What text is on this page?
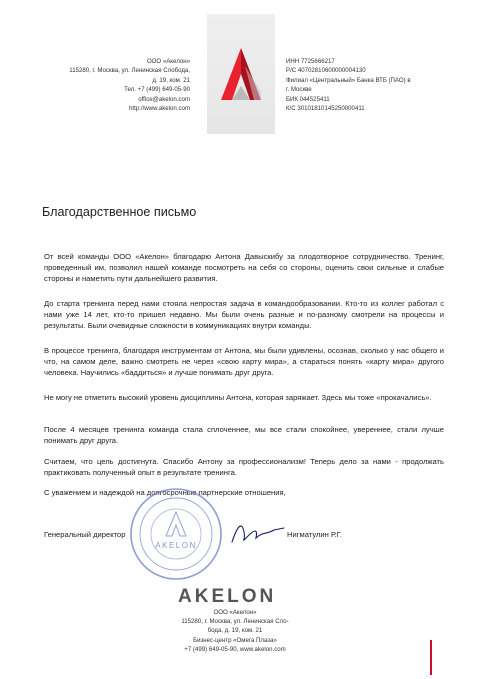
ООО «Акелон»
115280, г. Москва, ул. Ленинская Слобода,
д. 19, ком. 21
Тел. +7 (499) 649-05-90
office@akelon.com
http://www.akelon.com
ИНН 7725666217
Р/С 40702810600000004130
Филиал «Центральный» Банка ВТБ (ПАО) в
г. Москве
БИК 044525411
К/С 30101810145250000411
Благодарственное письмо

От всей команды ООО «Акелон» благодарю Антона Давыскибу за плодотворное сотрудничество. Тренинг, проведенный им, позволил нашей команде посмотреть на себя со стороны, оценить свои сильные и слабые стороны и наметить пути дальнейшего развития.

До старта тренинга перед нами стояла непростая задача в командообразовании. Кто-то из коллег работал с нами уже 14 лет, кто-то пришел недавно. Мы были очень разные и по-разному смотрели на процессы и результаты. Были очевидные сложности в коммуникациях внутри команды.

В процессе тренинга, благодаря инструментам от Антона, мы были удивлены, осознав, сколько у нас общего и что, на самом деле, важно смотреть не через «свою карту мира», а стараться понять «карту мира» другого человека. Научились «баддиться» и лучше понимать друг друга.

Не могу не отметить высокий уровень дисциплины Антона, которая заряжает. Здесь мы тоже «прокачались».

После 4 месяцев тренинга команда стала сплоченнее, мы все стали спокойнее, увереннее, стали лучше понимать друг друга.

Считаем, что цель достигнута. Спасибо Антону за профессионализм! Теперь дело за нами - продолжать практиковать полученный опыт в результате тренинга.

С уважением и надеждой на долгосрочные партнерские отношения,

AKELON
Генеральный директор	Нигматулин Р.Г.
AKELON
ООО «Акелон»
115280, г. Москва, ул. Ленинская Сло-
бода, д. 19, ком. 21
Бизнес-центр «Омега Плаза»
+7 (499) 649-05-90, www.akelon.com
